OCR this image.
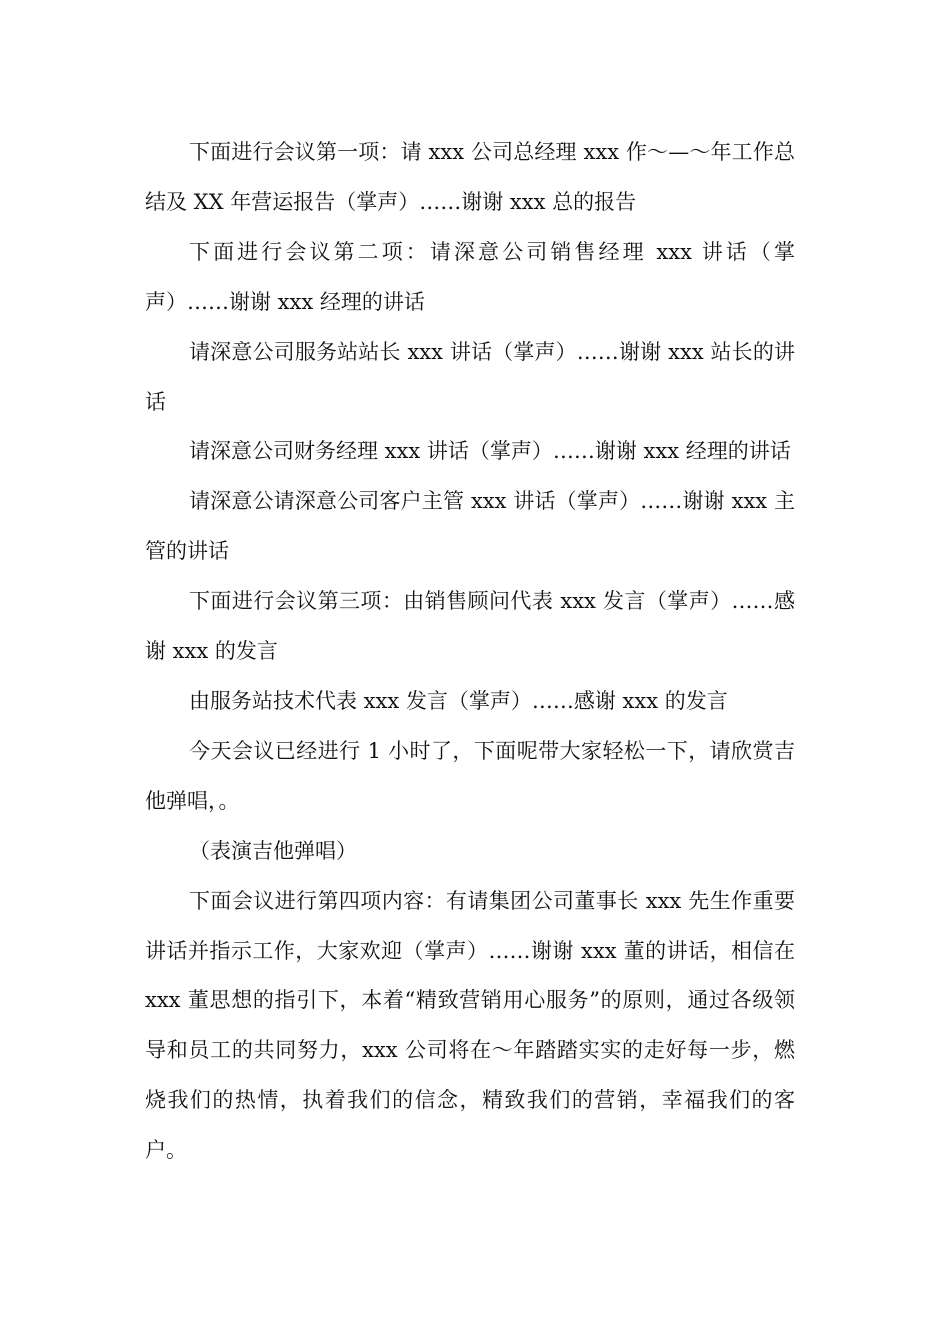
下面进行会议第一项：请 xxx 公司总经理 xxx 作～—～年工作总结及 XX 年营运报告（掌声）……谢谢 xxx 总的报告

下面进行会议第二项：请深意公司销售经理 xxx 讲话（掌声）……谢谢 xxx 经理的讲话

请深意公司服务站站长 xxx 讲话（掌声）……谢谢 xxx 站长的讲话

请深意公司财务经理 xxx 讲话（掌声）……谢谢 xxx 经理的讲话

请深意公请深意公司客户主管 xxx 讲话（掌声）……谢谢 xxx 主管的讲话

下面进行会议第三项：由销售顾问代表 xxx 发言（掌声）……感谢 xxx 的发言

由服务站技术代表 xxx 发言（掌声）……感谢 xxx 的发言

今天会议已经进行 1 小时了，下面呢带大家轻松一下，请欣赏吉他弹唱，。

（表演吉他弹唱）

下面会议进行第四项内容：有请集团公司董事长 xxx 先生作重要讲话并指示工作，大家欢迎（掌声）……谢谢 xxx 董的讲话，相信在 xxx 董思想的指引下，本着“精致营销用心服务”的原则，通过各级领导和员工的共同努力，xxx 公司将在～年踏踏实实的走好每一步，燃烧我们的热情，执着我们的信念，精致我们的营销，幸福我们的客户。
